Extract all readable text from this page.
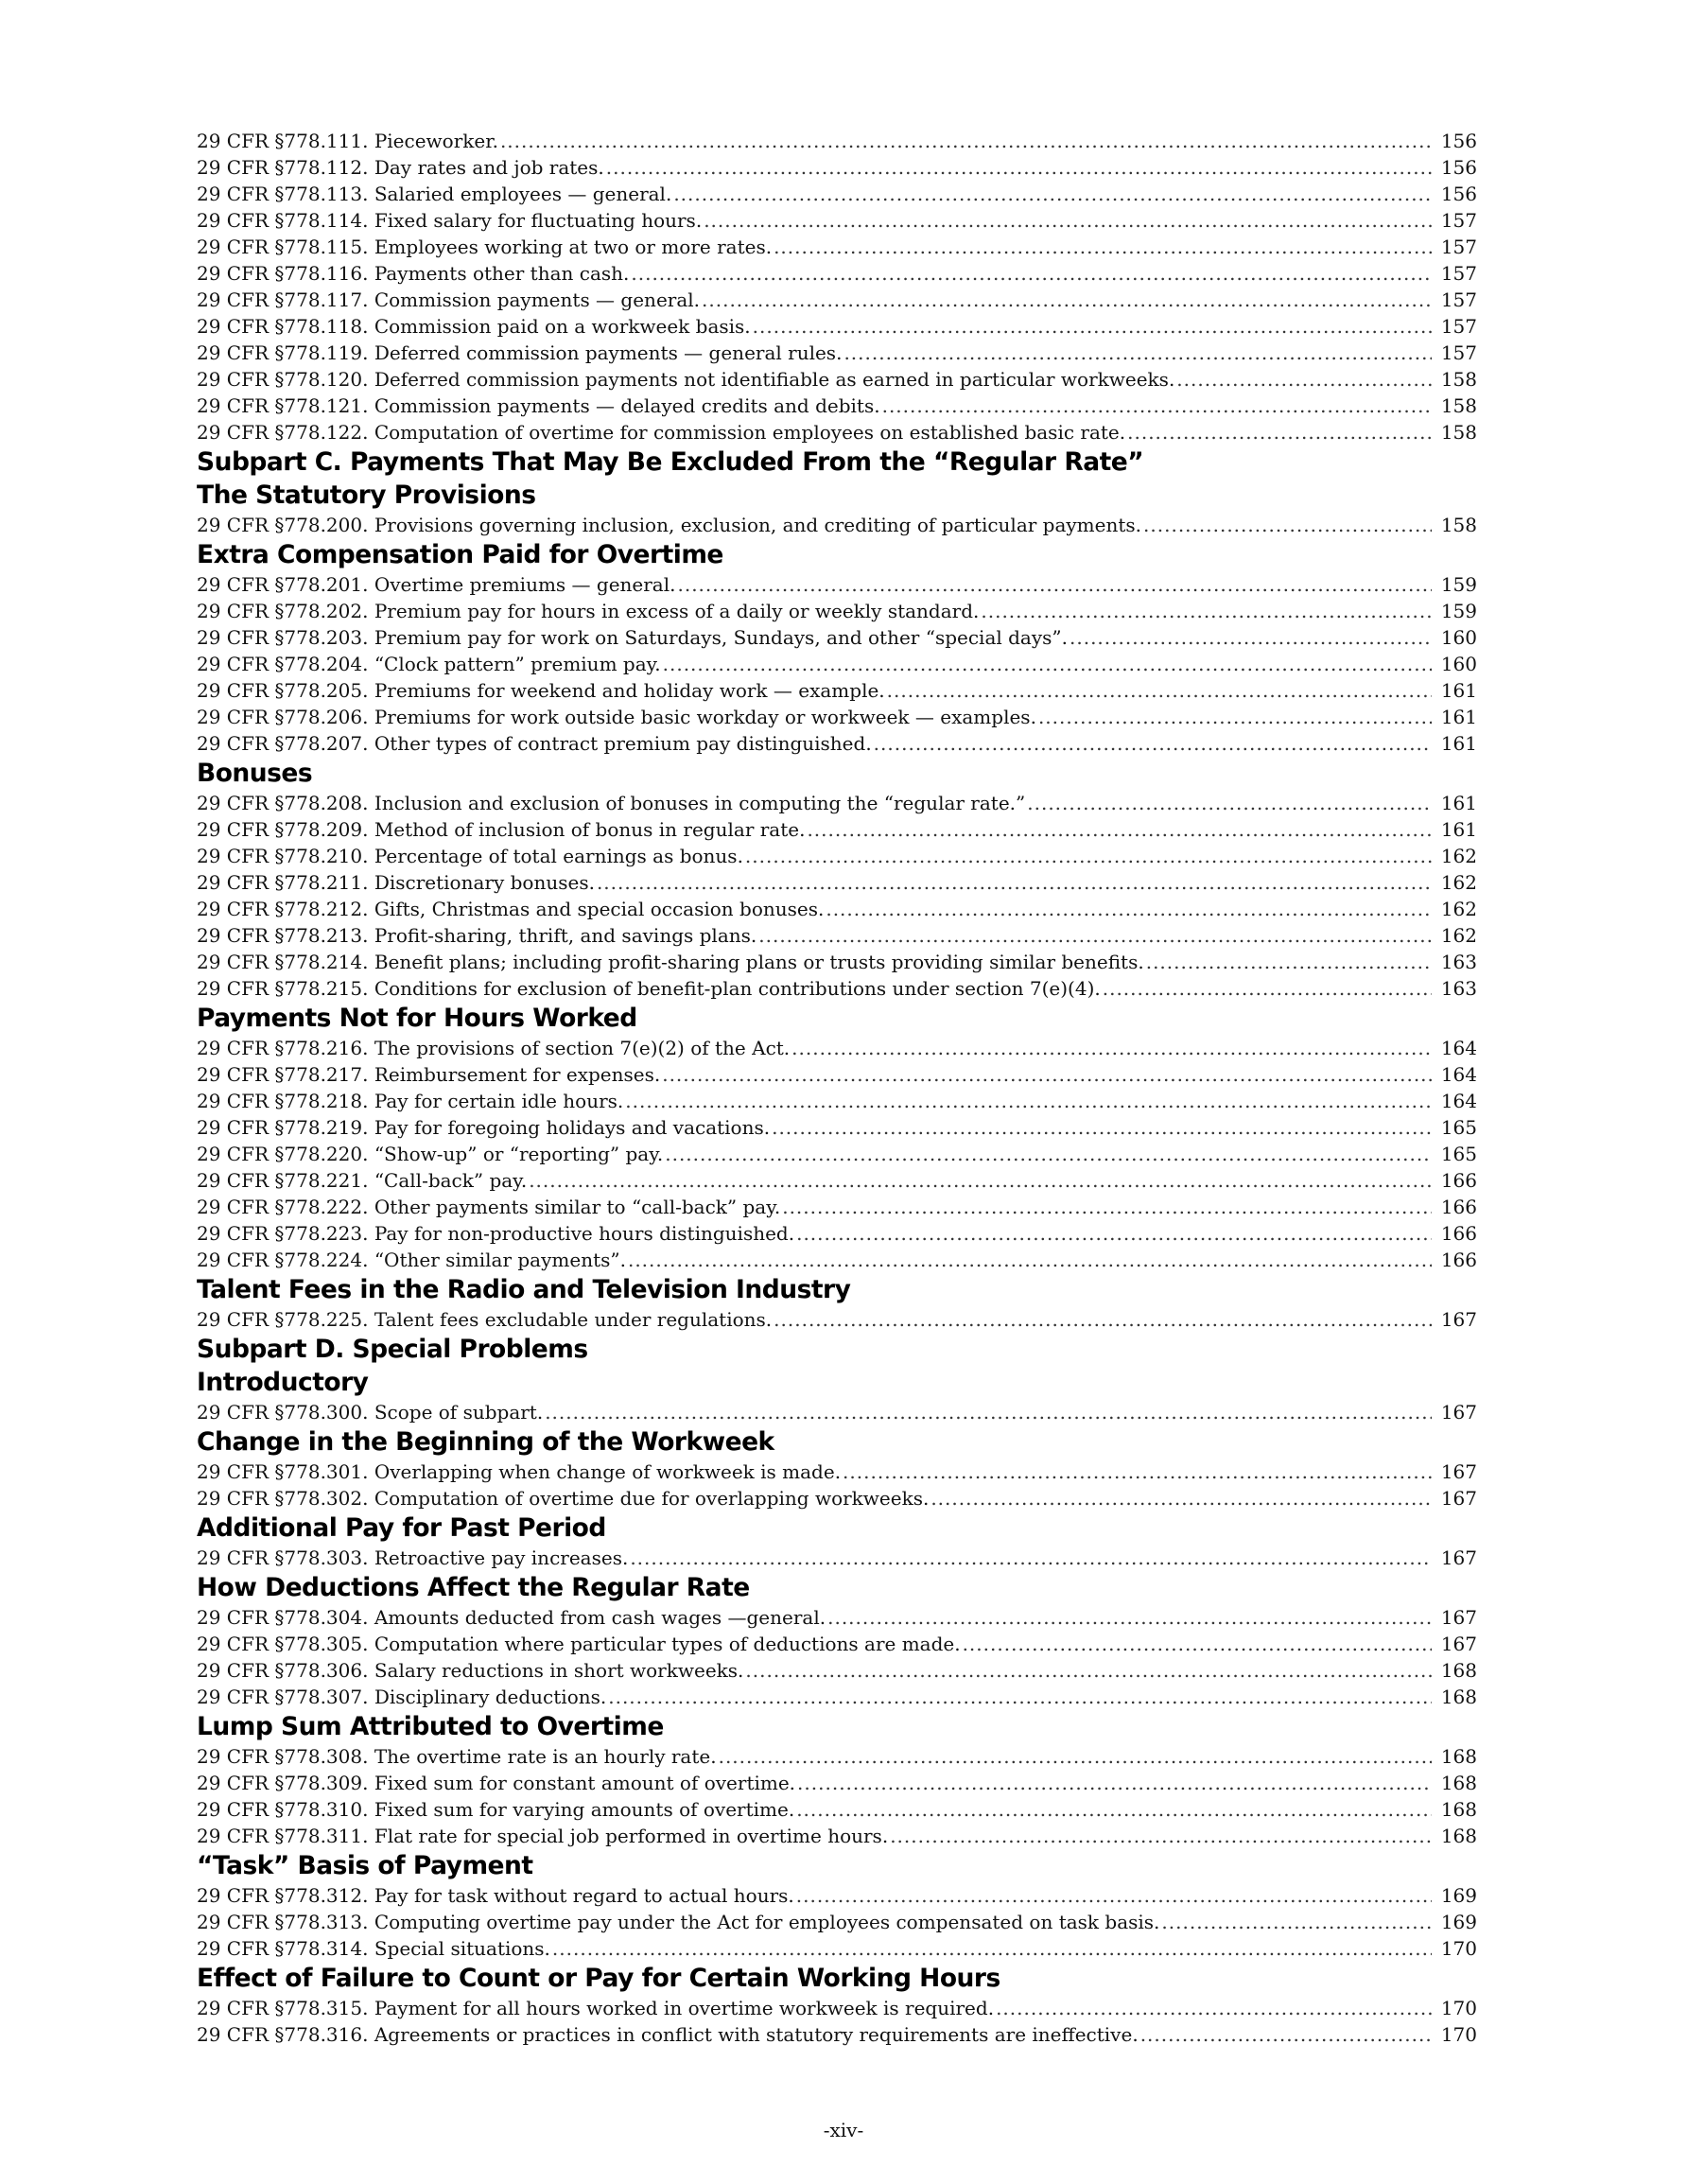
29 CFR §778.111. Pieceworker. .....	156
29 CFR §778.112. Day rates and job rates. .....	156
29 CFR §778.113. Salaried employees — general. .....	156
29 CFR §778.114. Fixed salary for fluctuating hours. .....	157
29 CFR §778.115. Employees working at two or more rates. .....	157
29 CFR §778.116. Payments other than cash. .....	157
29 CFR §778.117. Commission payments — general. .....	157
29 CFR §778.118. Commission paid on a workweek basis. .....	157
29 CFR §778.119. Deferred commission payments — general rules. .....	157
29 CFR §778.120. Deferred commission payments not identifiable as earned in particular workweeks. .....	158
29 CFR §778.121. Commission payments — delayed credits and debits. .....	158
29 CFR §778.122. Computation of overtime for commission employees on established basic rate. .....	158
Subpart C. Payments That May Be Excluded From the “Regular Rate”
The Statutory Provisions
29 CFR §778.200. Provisions governing inclusion, exclusion, and crediting of particular payments. .....	158
Extra Compensation Paid for Overtime
29 CFR §778.201. Overtime premiums — general. .....	159
29 CFR §778.202. Premium pay for hours in excess of a daily or weekly standard. .....	159
29 CFR §778.203. Premium pay for work on Saturdays, Sundays, and other “special days”. .....	160
29 CFR §778.204. “Clock pattern” premium pay. .....	160
29 CFR §778.205. Premiums for weekend and holiday work — example. .....	161
29 CFR §778.206. Premiums for work outside basic workday or workweek — examples. .....	161
29 CFR §778.207. Other types of contract premium pay distinguished. .....	161
Bonuses
29 CFR §778.208. Inclusion and exclusion of bonuses in computing the “regular rate.” .....	161
29 CFR §778.209. Method of inclusion of bonus in regular rate. .....	161
29 CFR §778.210. Percentage of total earnings as bonus. .....	162
29 CFR §778.211. Discretionary bonuses. .....	162
29 CFR §778.212. Gifts, Christmas and special occasion bonuses. .....	162
29 CFR §778.213. Profit-sharing, thrift, and savings plans. .....	162
29 CFR §778.214. Benefit plans; including profit-sharing plans or trusts providing similar benefits. .....	163
29 CFR §778.215. Conditions for exclusion of benefit-plan contributions under section 7(e)(4). .....	163
Payments Not for Hours Worked
29 CFR §778.216. The provisions of section 7(e)(2) of the Act. .....	164
29 CFR §778.217. Reimbursement for expenses. .....	164
29 CFR §778.218. Pay for certain idle hours. .....	164
29 CFR §778.219. Pay for foregoing holidays and vacations. .....	165
29 CFR §778.220. “Show-up” or “reporting” pay. .....	165
29 CFR §778.221. “Call-back” pay. .....	166
29 CFR §778.222. Other payments similar to “call-back” pay. .....	166
29 CFR §778.223. Pay for non-productive hours distinguished. .....	166
29 CFR §778.224. “Other similar payments”. .....	166
Talent Fees in the Radio and Television Industry
29 CFR §778.225. Talent fees excludable under regulations. .....	167
Subpart D. Special Problems
Introductory
29 CFR §778.300. Scope of subpart. .....	167
Change in the Beginning of the Workweek
29 CFR §778.301. Overlapping when change of workweek is made. .....	167
29 CFR §778.302. Computation of overtime due for overlapping workweeks. .....	167
Additional Pay for Past Period
29 CFR §778.303. Retroactive pay increases. .....	167
How Deductions Affect the Regular Rate
29 CFR §778.304. Amounts deducted from cash wages —general. .....	167
29 CFR §778.305. Computation where particular types of deductions are made. .....	167
29 CFR §778.306. Salary reductions in short workweeks. .....	168
29 CFR §778.307. Disciplinary deductions. .....	168
Lump Sum Attributed to Overtime
29 CFR §778.308. The overtime rate is an hourly rate. .....	168
29 CFR §778.309. Fixed sum for constant amount of overtime. .....	168
29 CFR §778.310. Fixed sum for varying amounts of overtime. .....	168
29 CFR §778.311. Flat rate for special job performed in overtime hours. .....	168
“Task” Basis of Payment
29 CFR §778.312. Pay for task without regard to actual hours. .....	169
29 CFR §778.313. Computing overtime pay under the Act for employees compensated on task basis. .....	169
29 CFR §778.314. Special situations. .....	170
Effect of Failure to Count or Pay for Certain Working Hours
29 CFR §778.315. Payment for all hours worked in overtime workweek is required. .....	170
29 CFR §778.316. Agreements or practices in conflict with statutory requirements are ineffective. .....	170
-xiv-
